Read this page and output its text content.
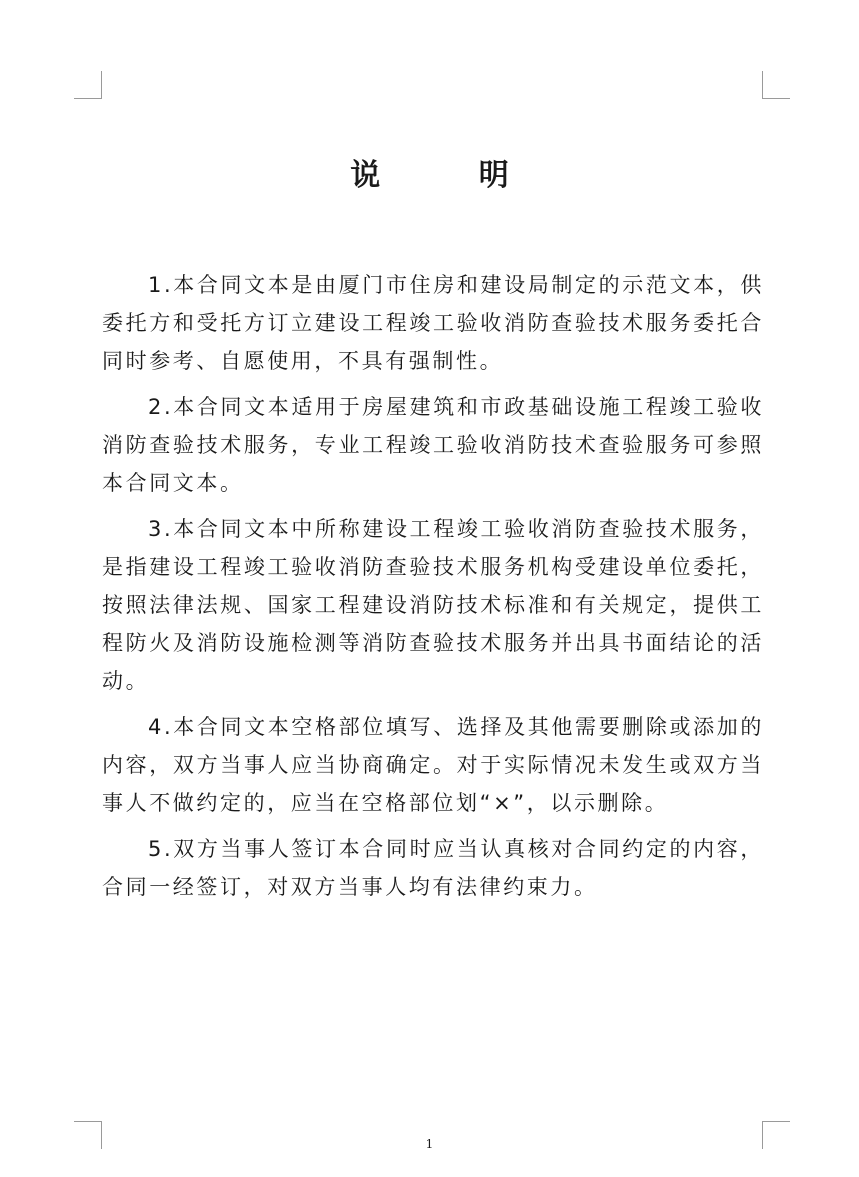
说 明

1.本合同文本是由厦门市住房和建设局制定的示范文本，供委托方和受托方订立建设工程竣工验收消防查验技术服务委托合同时参考、自愿使用，不具有强制性。

2.本合同文本适用于房屋建筑和市政基础设施工程竣工验收消防查验技术服务，专业工程竣工验收消防技术查验服务可参照本合同文本。

3.本合同文本中所称建设工程竣工验收消防查验技术服务，是指建设工程竣工验收消防查验技术服务机构受建设单位委托，按照法律法规、国家工程建设消防技术标准和有关规定，提供工程防火及消防设施检测等消防查验技术服务并出具书面结论的活动。

4.本合同文本空格部位填写、选择及其他需要删除或添加的内容，双方当事人应当协商确定。对于实际情况未发生或双方当事人不做约定的，应当在空格部位划“×”，以示删除。

5.双方当事人签订本合同时应当认真核对合同约定的内容，合同一经签订，对双方当事人均有法律约束力。

1
